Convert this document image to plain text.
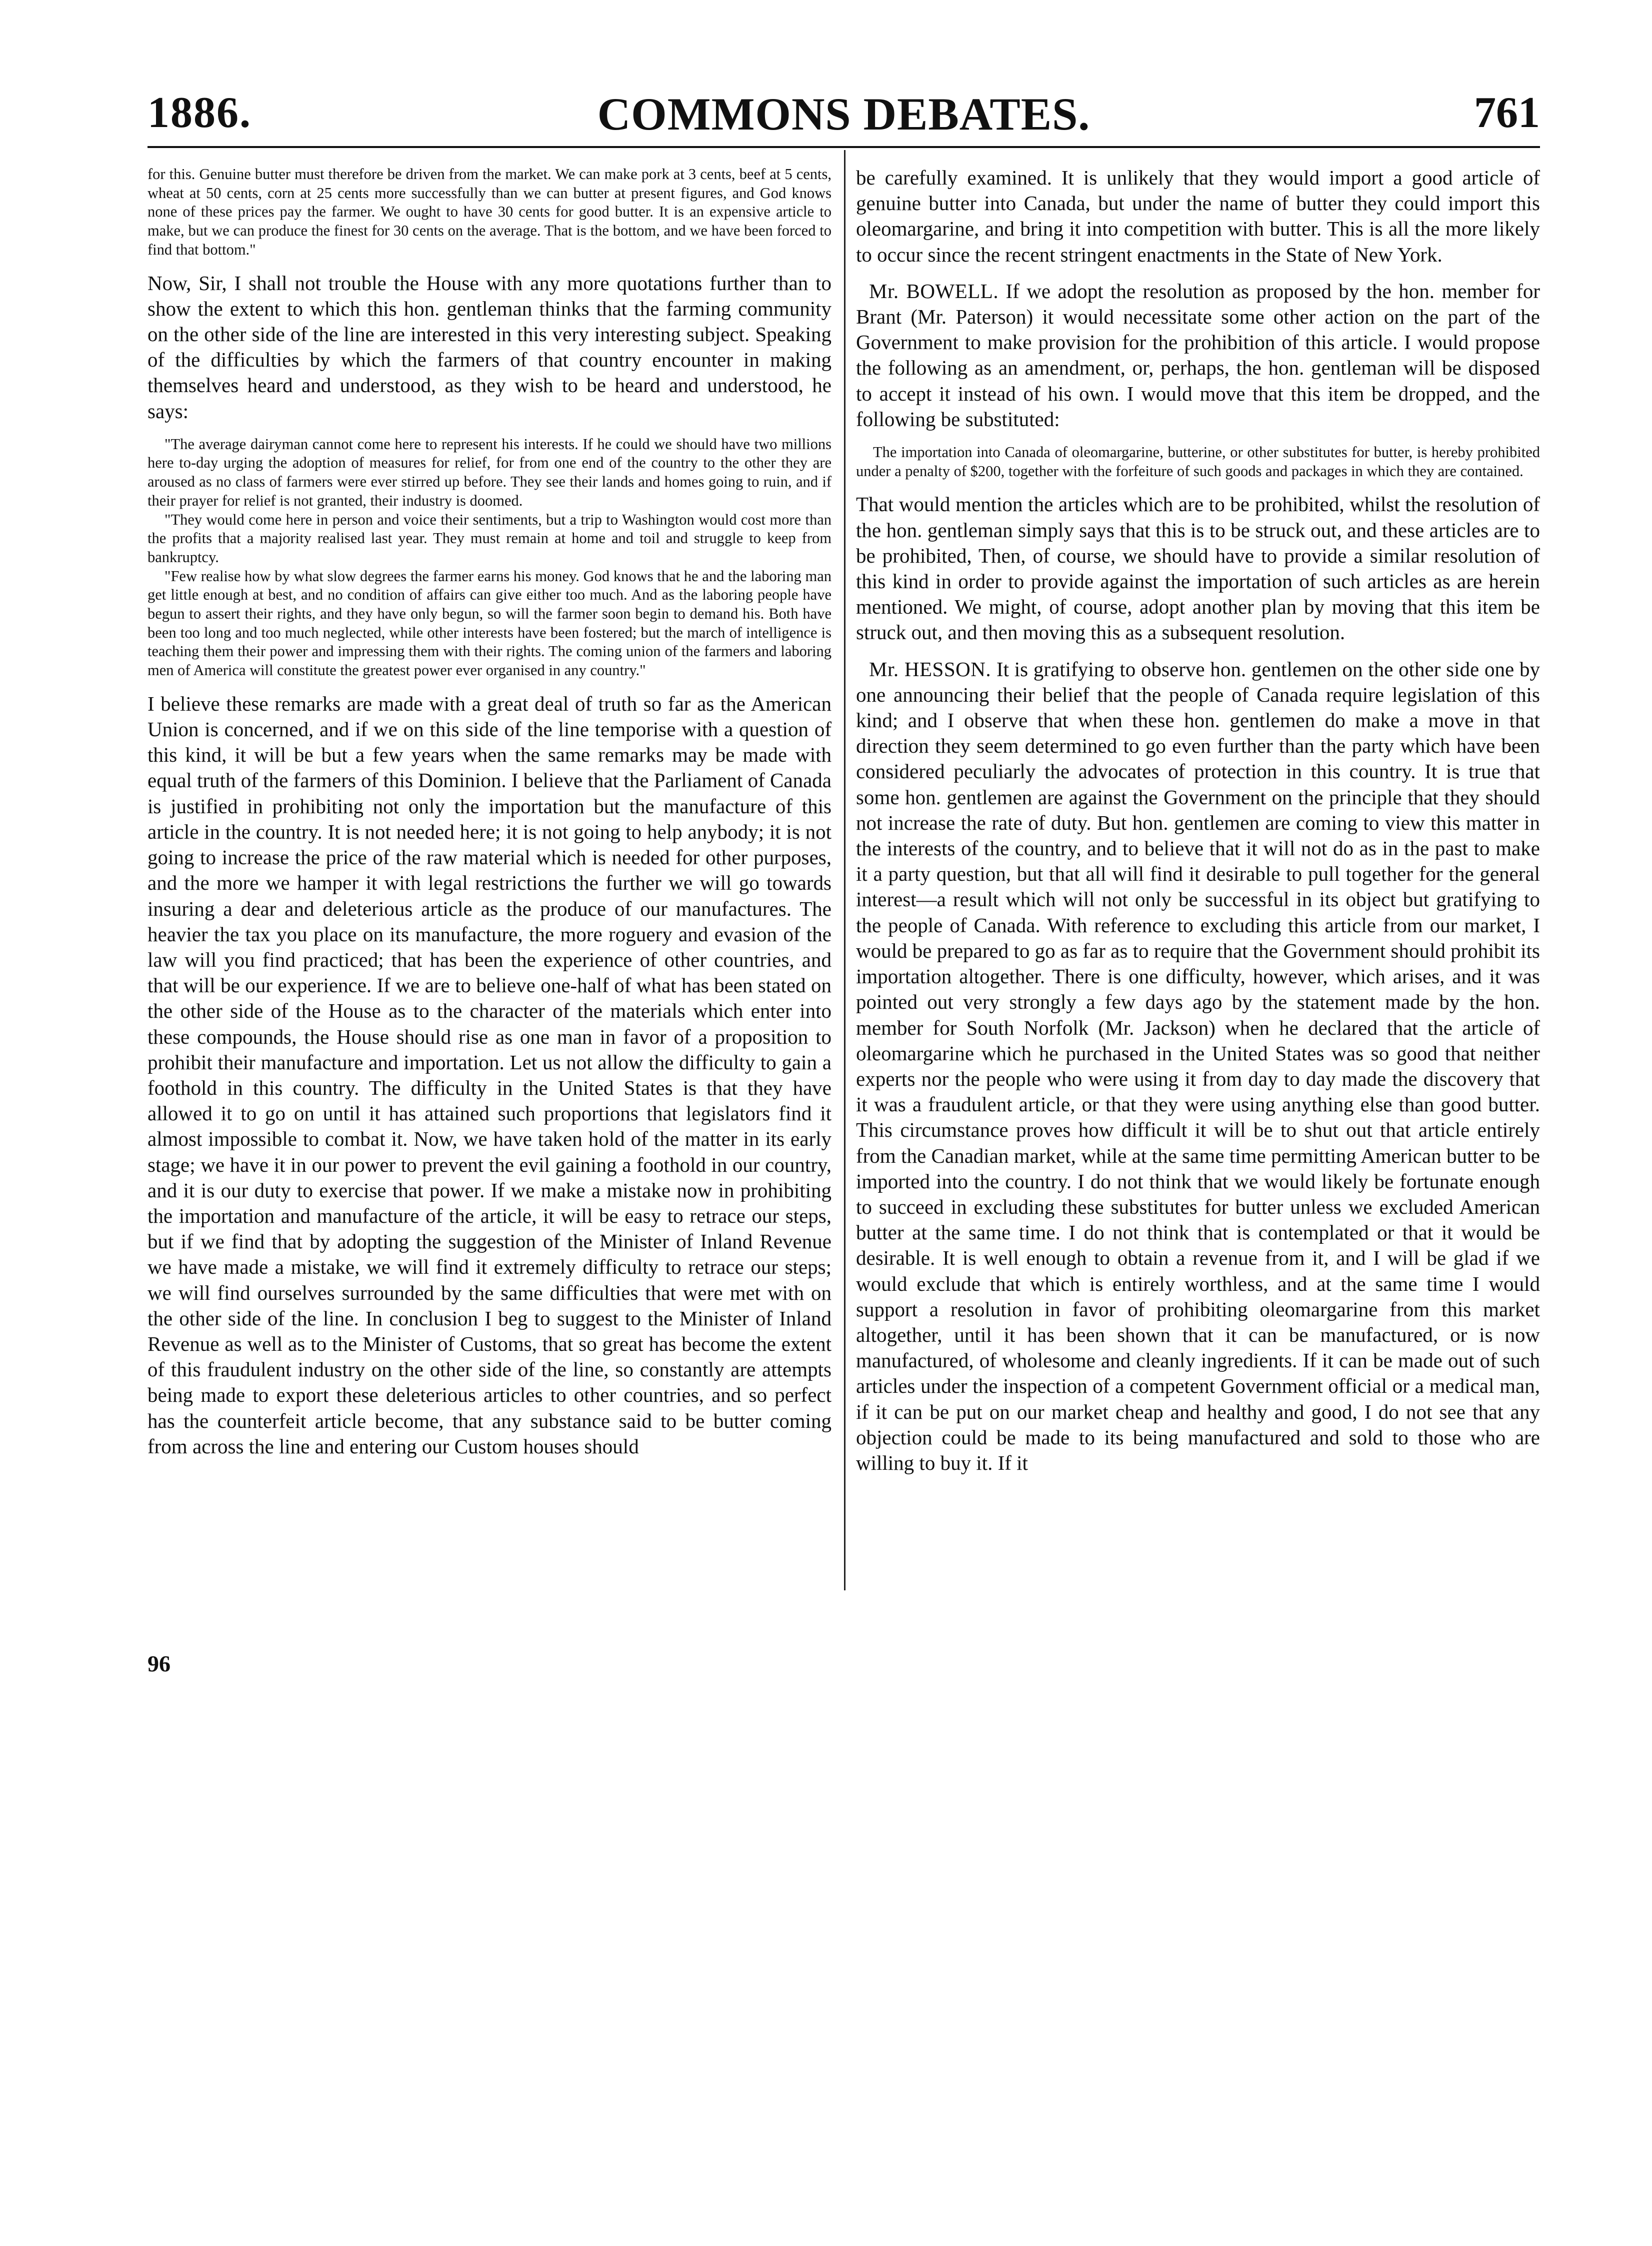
1886.	COMMONS DEBATES.	761

for this. Genuine butter must therefore be driven from the market. We can make pork at 3 cents, beef at 5 cents, wheat at 50 cents, corn at 25 cents more successfully than we can butter at present figures, and God knows none of these prices pay the farmer. We ought to have 30 cents for good butter. It is an expensive article to make, but we can produce the finest for 30 cents on the average. That is the bottom, and we have been forced to find that bottom."

Now, Sir, I shall not trouble the House with any more quotations further than to show the extent to which this hon. gentleman thinks that the farming community on the other side of the line are interested in this very interesting subject. Speaking of the difficulties by which the farmers of that country encounter in making themselves heard and understood, as they wish to be heard and understood, he says:

"The average dairyman cannot come here to represent his interests. If he could we should have two millions here to-day urging the adoption of measures for relief, for from one end of the country to the other they are aroused as no class of farmers were ever stirred up before. They see their lands and homes going to ruin, and if their prayer for relief is not granted, their industry is doomed.

"They would come here in person and voice their sentiments, but a trip to Washington would cost more than the profits that a majority realised last year. They must remain at home and toil and struggle to keep from bankruptcy.

"Few realise how by what slow degrees the farmer earns his money. God knows that he and the laboring man get little enough at best, and no condition of affairs can give either too much. And as the laboring people have begun to assert their rights, and they have only begun, so will the farmer soon begin to demand his. Both have been too long and too much neglected, while other interests have been fostered; but the march of intelligence is teaching them their power and impressing them with their rights. The coming union of the farmers and laboring men of America will constitute the greatest power ever organised in any country."

I believe these remarks are made with a great deal of truth so far as the American Union is concerned, and if we on this side of the line temporise with a question of this kind, it will be but a few years when the same remarks may be made with equal truth of the farmers of this Dominion. I believe that the Parliament of Canada is justified in prohibiting not only the importation but the manufacture of this article in the country. It is not needed here; it is not going to help anybody; it is not going to increase the price of the raw material which is needed for other purposes, and the more we hamper it with legal restrictions the further we will go towards insuring a dear and deleterious article as the produce of our manufactures. The heavier the tax you place on its manufacture, the more roguery and evasion of the law will you find practiced; that has been the experience of other countries, and that will be our experience. If we are to believe one-half of what has been stated on the other side of the House as to the character of the materials which enter into these compounds, the House should rise as one man in favor of a proposition to prohibit their manufacture and importation. Let us not allow the difficulty to gain a foothold in this country. The difficulty in the United States is that they have allowed it to go on until it has attained such proportions that legislators find it almost impossible to combat it. Now, we have taken hold of the matter in its early stage; we have it in our power to prevent the evil gaining a foothold in our country, and it is our duty to exercise that power. If we make a mistake now in prohibiting the importation and manufacture of the article, it will be easy to retrace our steps, but if we find that by adopting the suggestion of the Minister of Inland Revenue we have made a mistake, we will find it extremely difficulty to retrace our steps; we will find ourselves surrounded by the same difficulties that were met with on the other side of the line. In conclusion I beg to suggest to the Minister of Inland Revenue as well as to the Minister of Customs, that so great has become the extent of this fraudulent industry on the other side of the line, so constantly are attempts being made to export these deleterious articles to other countries, and so perfect has the counterfeit article become, that any substance said to be butter coming from across the line and entering our Custom houses should

96

be carefully examined. It is unlikely that they would import a good article of genuine butter into Canada, but under the name of butter they could import this oleomargarine, and bring it into competition with butter. This is all the more likely to occur since the recent stringent enactments in the State of New York.

Mr. BOWELL. If we adopt the resolution as proposed by the hon. member for Brant (Mr. Paterson) it would necessitate some other action on the part of the Government to make provision for the prohibition of this article. I would propose the following as an amendment, or, perhaps, the hon. gentleman will be disposed to accept it instead of his own. I would move that this item be dropped, and the following be substituted:

The importation into Canada of oleomargarine, butterine, or other substitutes for butter, is hereby prohibited under a penalty of $200, together with the forfeiture of such goods and packages in which they are contained.

That would mention the articles which are to be prohibited, whilst the resolution of the hon. gentleman simply says that this is to be struck out, and these articles are to be prohibited, Then, of course, we should have to provide a similar resolution of this kind in order to provide against the importation of such articles as are herein mentioned. We might, of course, adopt another plan by moving that this item be struck out, and then moving this as a subsequent resolution.

Mr. HESSON. It is gratifying to observe hon. gentlemen on the other side one by one announcing their belief that the people of Canada require legislation of this kind; and I observe that when these hon. gentlemen do make a move in that direction they seem determined to go even further than the party which have been considered peculiarly the advocates of protection in this country. It is true that some hon. gentlemen are against the Government on the principle that they should not increase the rate of duty. But hon. gentlemen are coming to view this matter in the interests of the country, and to believe that it will not do as in the past to make it a party question, but that all will find it desirable to pull together for the general interest—a result which will not only be successful in its object but gratifying to the people of Canada. With reference to excluding this article from our market, I would be prepared to go as far as to require that the Government should prohibit its importation altogether. There is one difficulty, however, which arises, and it was pointed out very strongly a few days ago by the statement made by the hon. member for South Norfolk (Mr. Jackson) when he declared that the article of oleomargarine which he purchased in the United States was so good that neither experts nor the people who were using it from day to day made the discovery that it was a fraudulent article, or that they were using anything else than good butter. This circumstance proves how difficult it will be to shut out that article entirely from the Canadian market, while at the same time permitting American butter to be imported into the country. I do not think that we would likely be fortunate enough to succeed in excluding these substitutes for butter unless we excluded American butter at the same time. I do not think that is contemplated or that it would be desirable. It is well enough to obtain a revenue from it, and I will be glad if we would exclude that which is entirely worthless, and at the same time I would support a resolution in favor of prohibiting oleomargarine from this market altogether, until it has been shown that it can be manufactured, or is now manufactured, of wholesome and cleanly ingredients. If it can be made out of such articles under the inspection of a competent Government official or a medical man, if it can be put on our market cheap and healthy and good, I do not see that any objection could be made to its being manufactured and sold to those who are willing to buy it. If it
